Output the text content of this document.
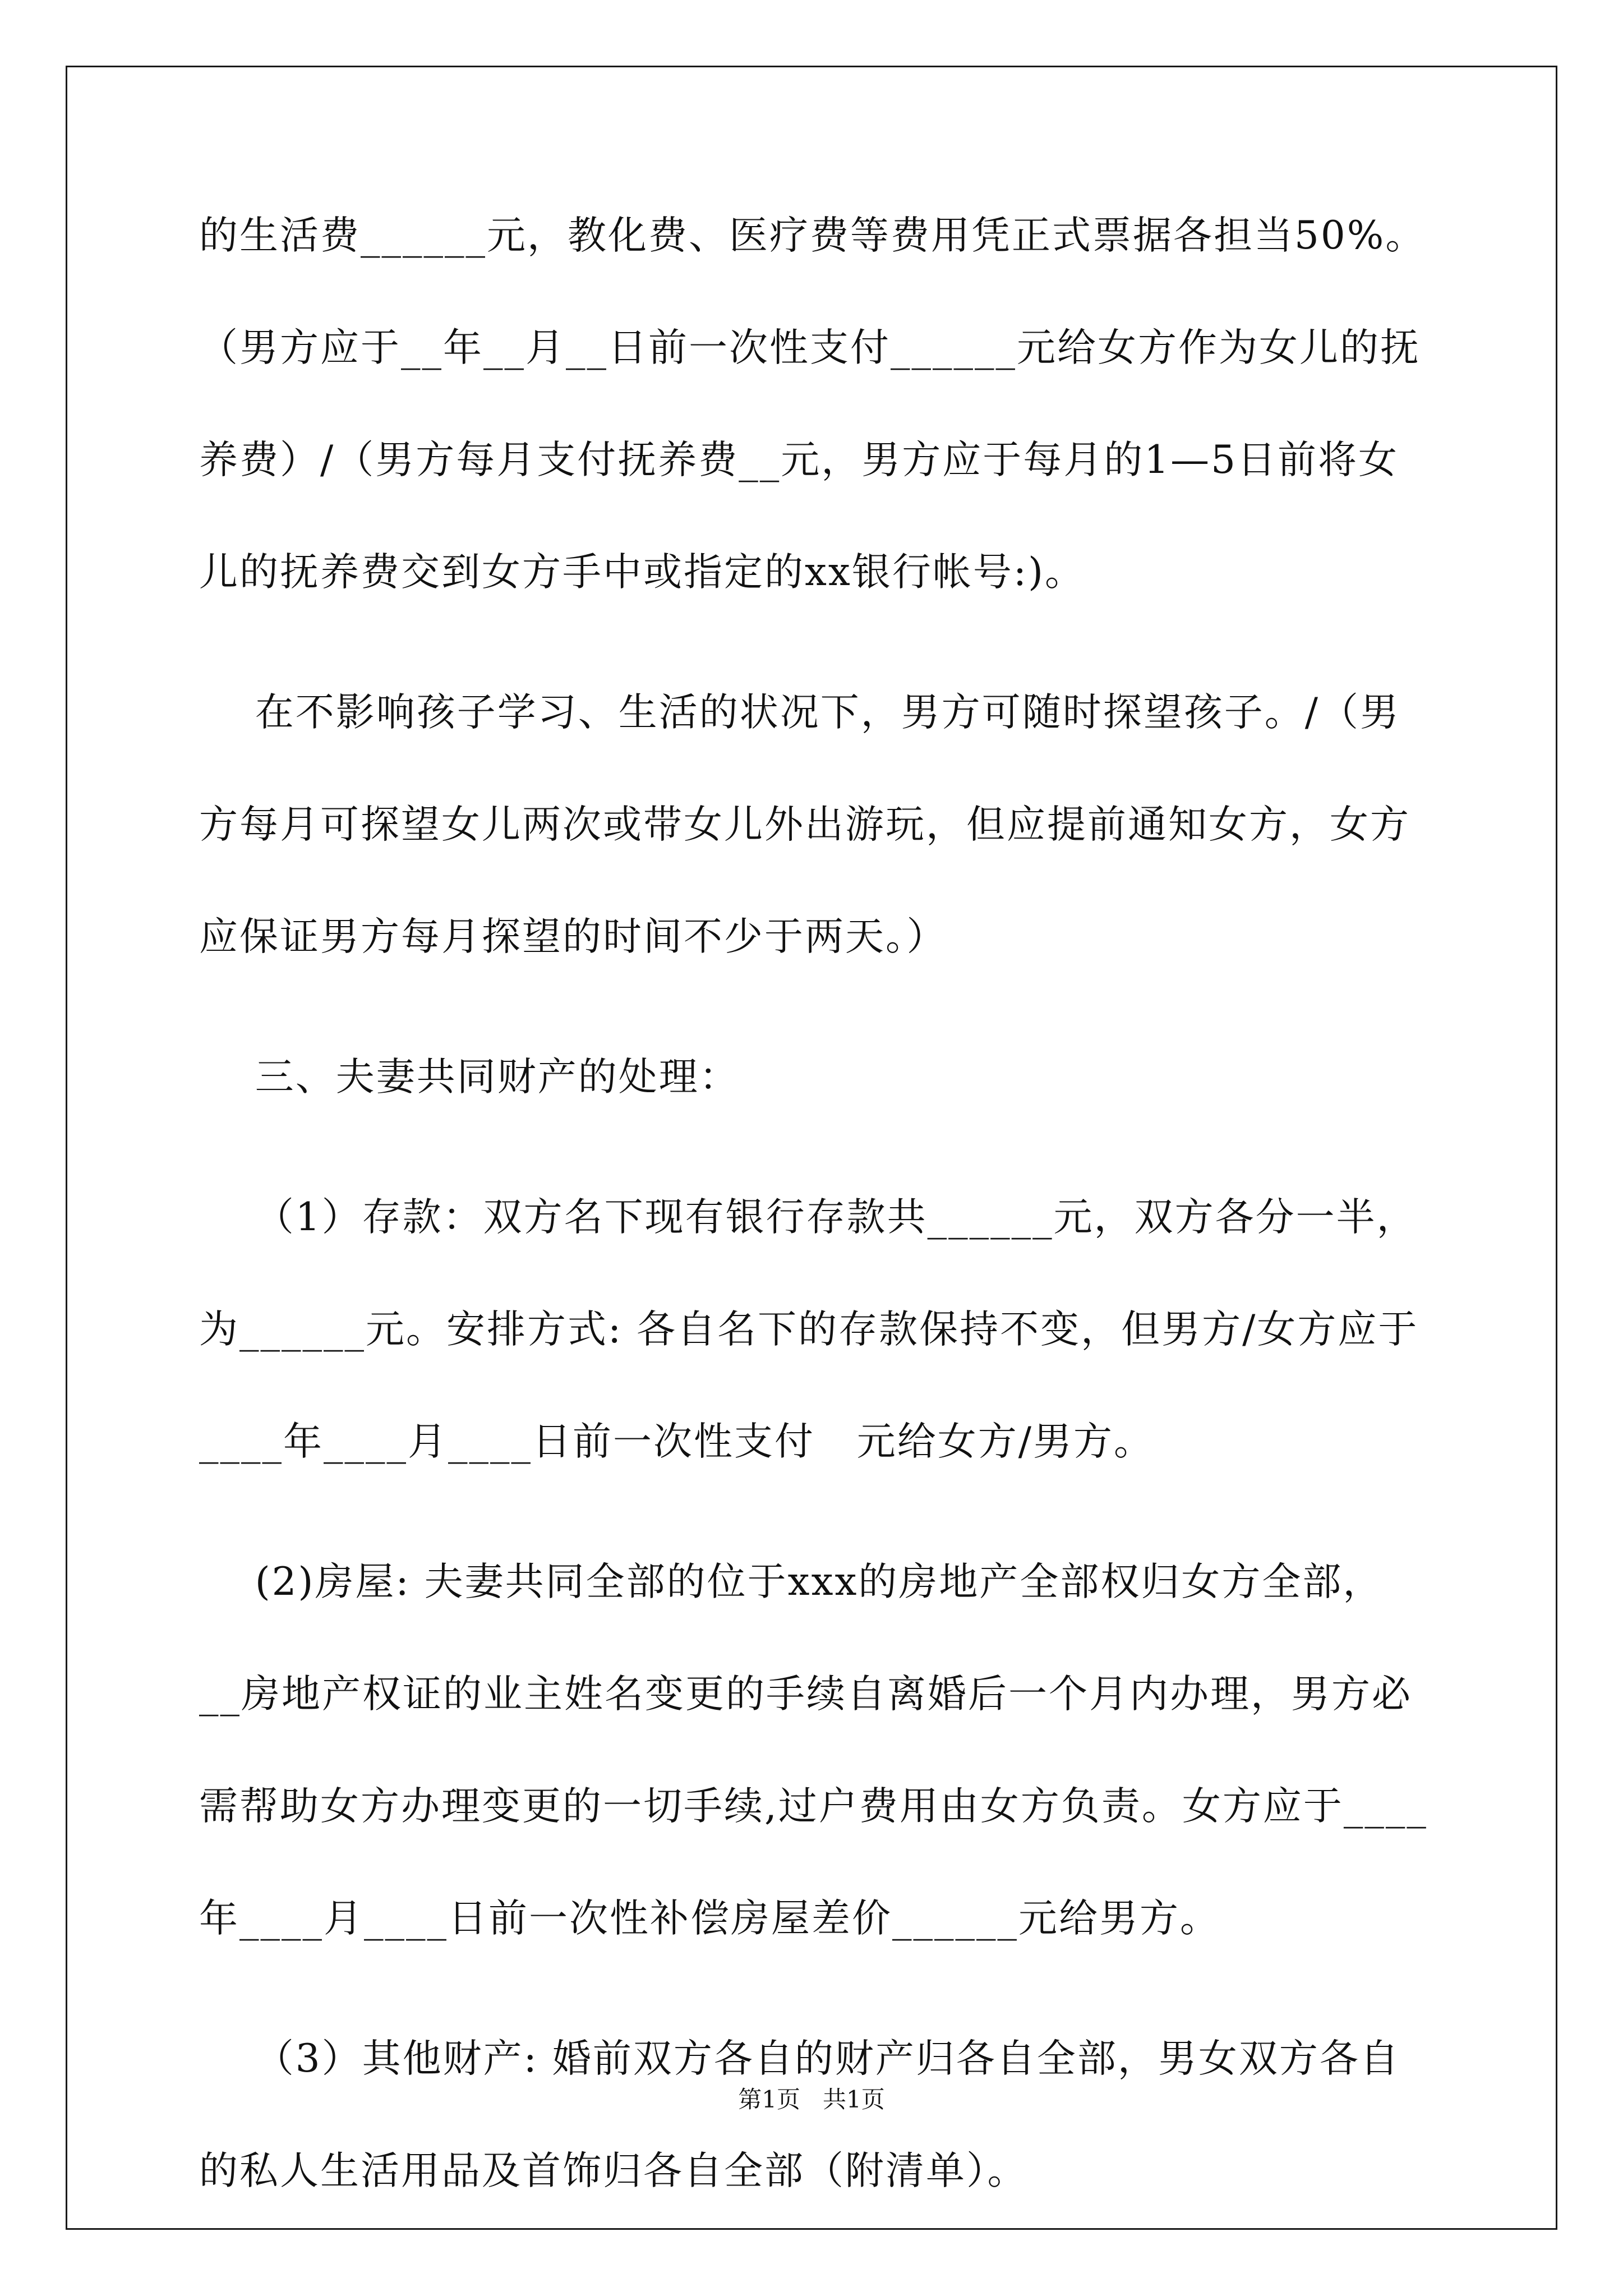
的生活费______元，教化费、医疗费等费用凭正式票据各担当50%。
（男方应于__年__月__日前一次性支付______元给女方作为女儿的抚
养费）/（男方每月支付抚养费__元，男方应于每月的1—5日前将女
儿的抚养费交到女方手中或指定的xx银行帐号:)。
在不影响孩子学习、生活的状况下，男方可随时探望孩子。/（男
方每月可探望女儿两次或带女儿外出游玩，但应提前通知女方，女方
应保证男方每月探望的时间不少于两天。）
三、夫妻共同财产的处理：
（1）存款：双方名下现有银行存款共______元，双方各分一半，
为______元。安排方式: 各自名下的存款保持不变，但男方/女方应于
____年____月____日前一次性支付   元给女方/男方。
(2)房屋: 夫妻共同全部的位于xxx的房地产全部权归女方全部，
__房地产权证的业主姓名变更的手续自离婚后一个月内办理，男方必
需帮助女方办理变更的一切手续,过户费用由女方负责。女方应于____
年____月____日前一次性补偿房屋差价______元给男方。
（3）其他财产: 婚前双方各自的财产归各自全部，男女双方各自
的私人生活用品及首饰归各自全部（附清单）。
第1页   共1页
